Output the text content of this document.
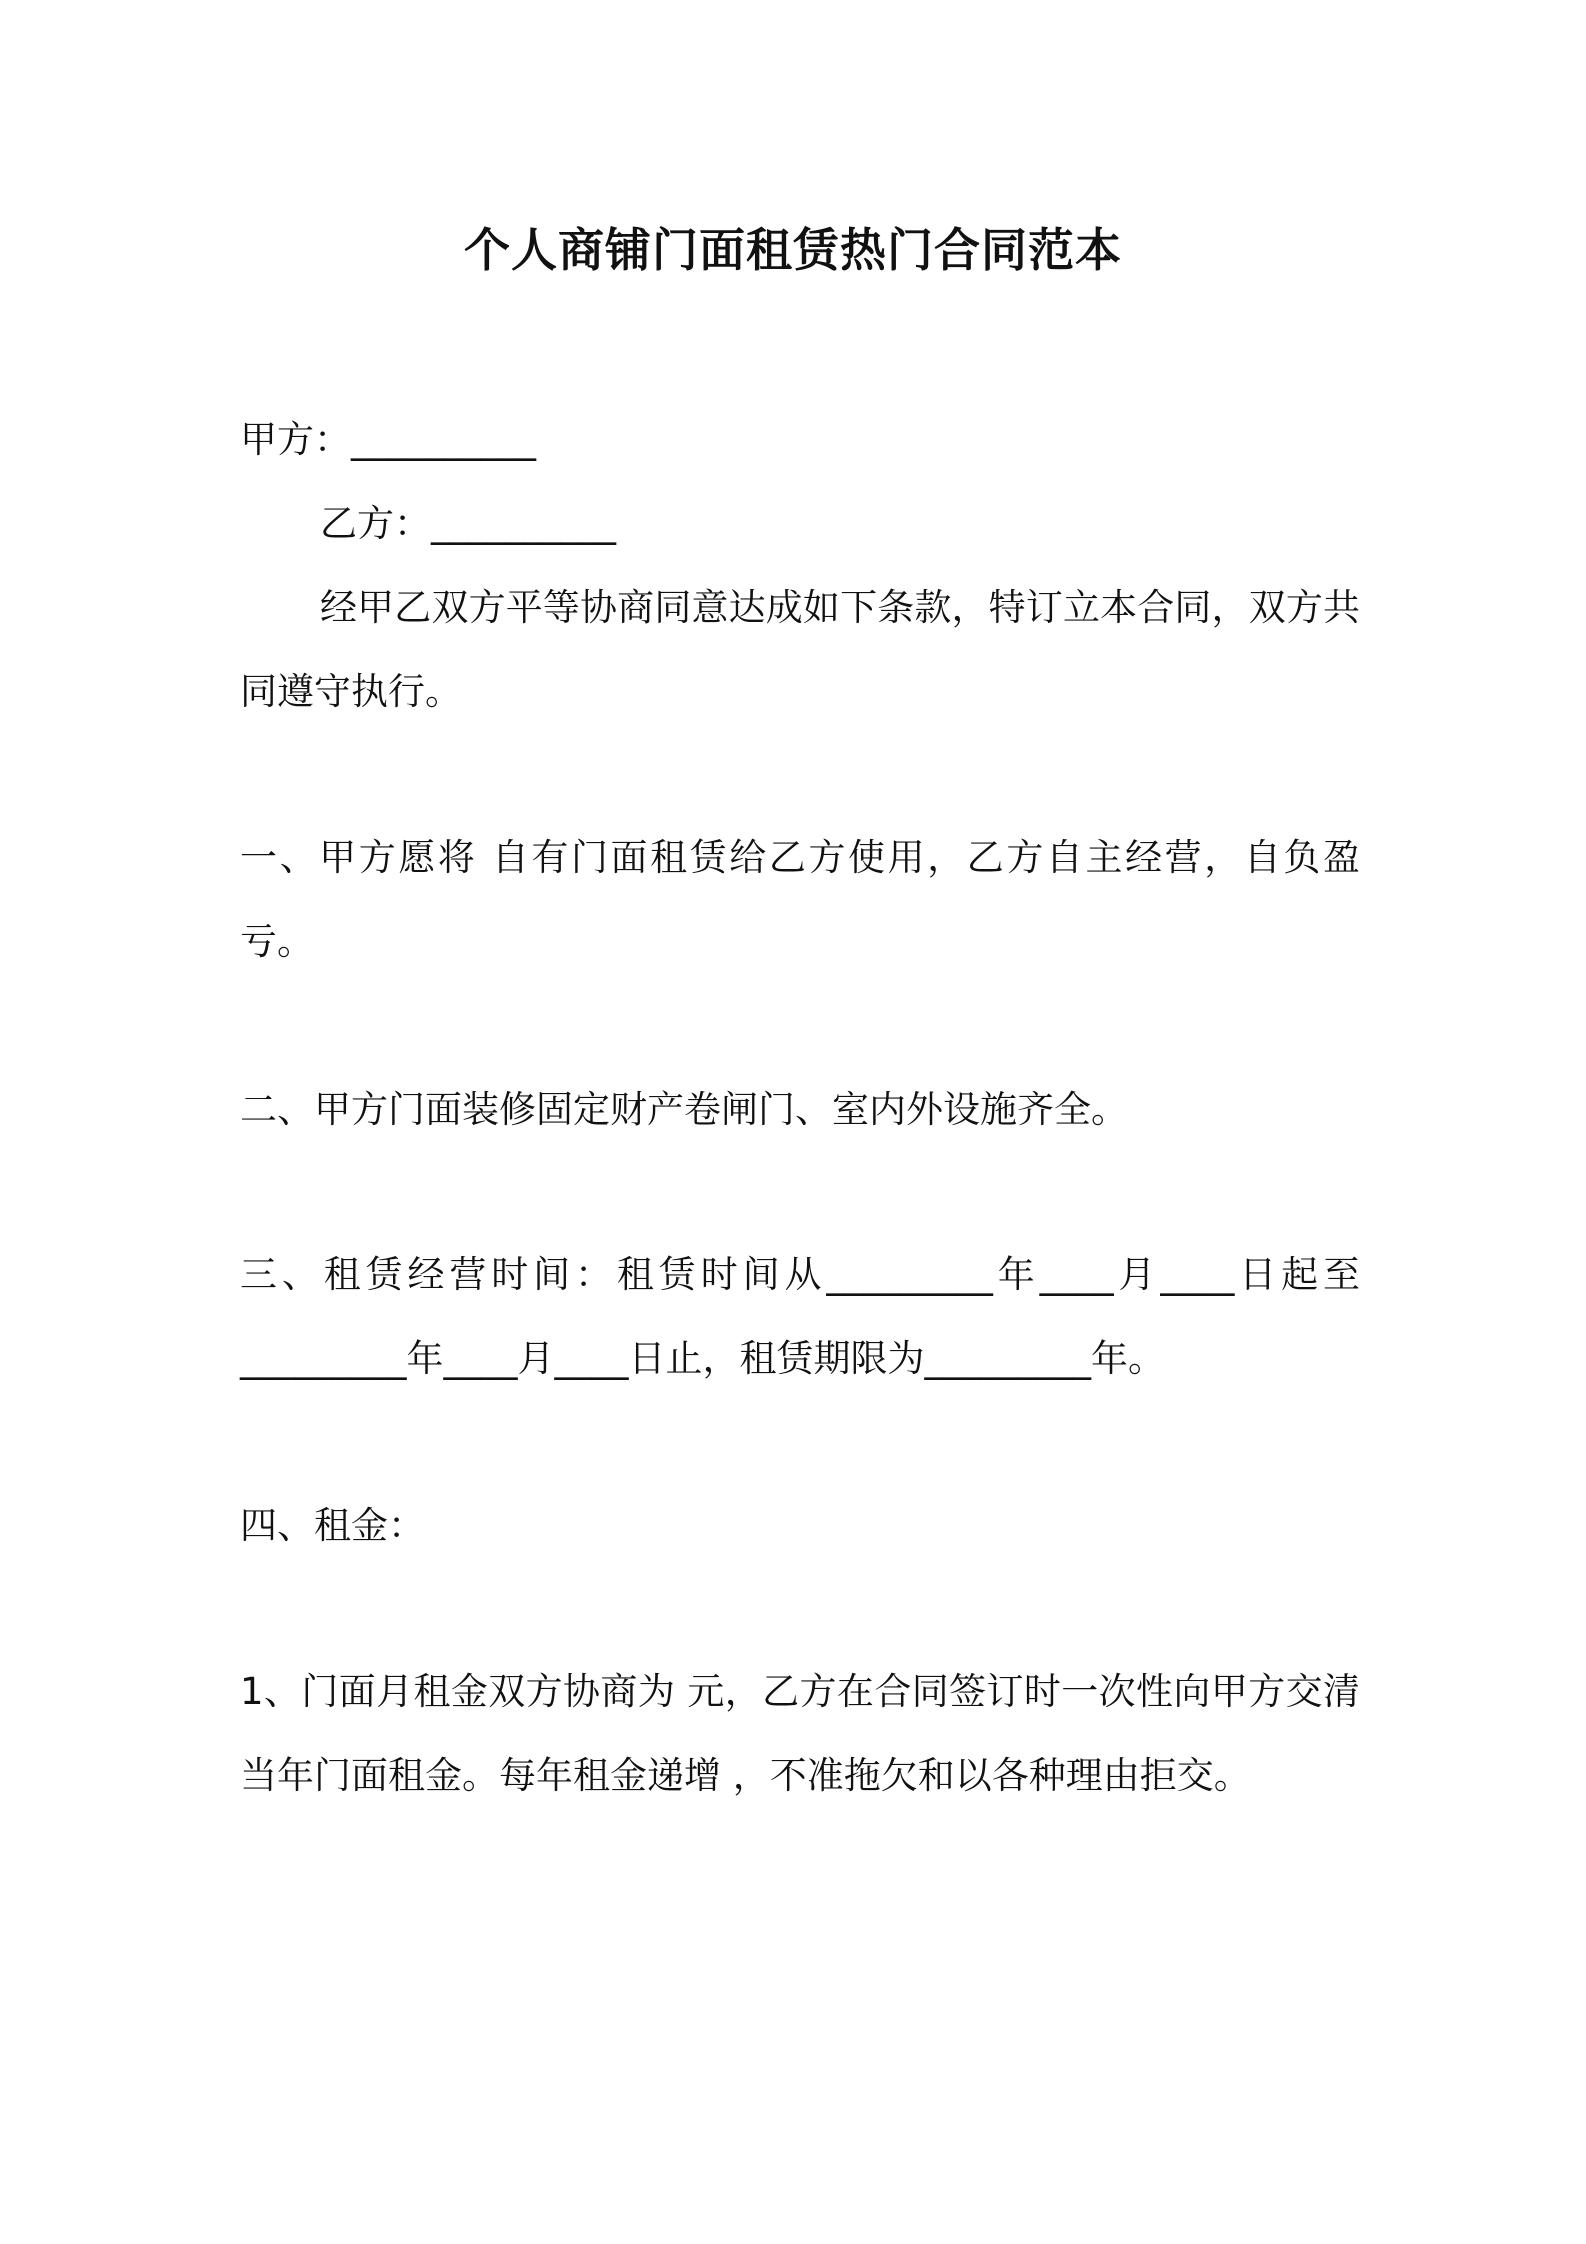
个人商铺门面租赁热门合同范本

甲方：__________

乙方：__________

经甲乙双方平等协商同意达成如下条款，特订立本合同，双方共同遵守执行。

一、甲方愿将 自有门面租赁给乙方使用，乙方自主经营，自负盈亏。

二、甲方门面装修固定财产卷闸门、室内外设施齐全。

三、租赁经营时间：租赁时间从_________年____月____日起至_________年____月____日止，租赁期限为_________年。

四、租金：

1、门面月租金双方协商为 元，乙方在合同签订时一次性向甲方交清当年门面租金。每年租金递增 ，不准拖欠和以各种理由拒交。
